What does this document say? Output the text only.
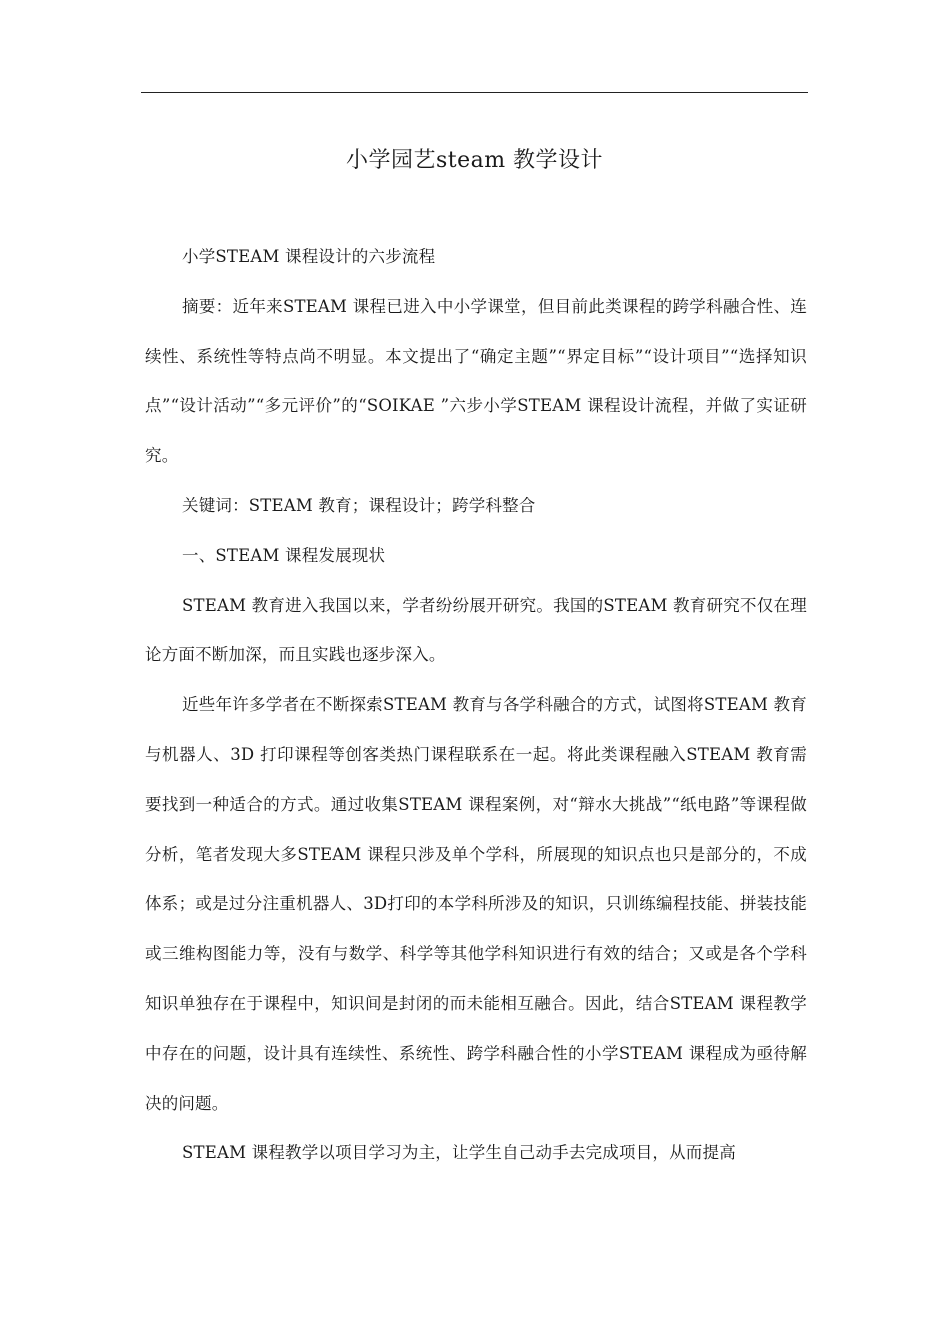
小学园艺steam 教学设计

小学STEAM 课程设计的六步流程

摘要：近年来STEAM 课程已进入中小学课堂，但目前此类课程的跨学科融合性、连续性、系统性等特点尚不明显。本文提出了“确定主题”“界定目标”“设计项目”“选择知识点”“设计活动”“多元评价”的“SOIKAE ”六步小学STEAM 课程设计流程，并做了实证研究。

关键词：STEAM 教育；课程设计；跨学科整合

一、STEAM 课程发展现状

STEAM 教育进入我国以来，学者纷纷展开研究。我国的STEAM 教育研究不仅在理论方面不断加深，而且实践也逐步深入。

近些年许多学者在不断探索STEAM 教育与各学科融合的方式，试图将STEAM 教育与机器人、3D 打印课程等创客类热门课程联系在一起。将此类课程融入STEAM 教育需要找到一种适合的方式。通过收集STEAM 课程案例，对“辩水大挑战”“纸电路”等课程做分析，笔者发现大多STEAM 课程只涉及单个学科，所展现的知识点也只是部分的，不成体系；或是过分注重机器人、3D打印的本学科所涉及的知识，只训练编程技能、拼装技能或三维构图能力等，没有与数学、科学等其他学科知识进行有效的结合；又或是各个学科知识单独存在于课程中，知识间是封闭的而未能相互融合。因此，结合STEAM 课程教学中存在的问题，设计具有连续性、系统性、跨学科融合性的小学STEAM 课程成为亟待解决的问题。

STEAM 课程教学以项目学习为主，让学生自己动手去完成项目，从而提高
